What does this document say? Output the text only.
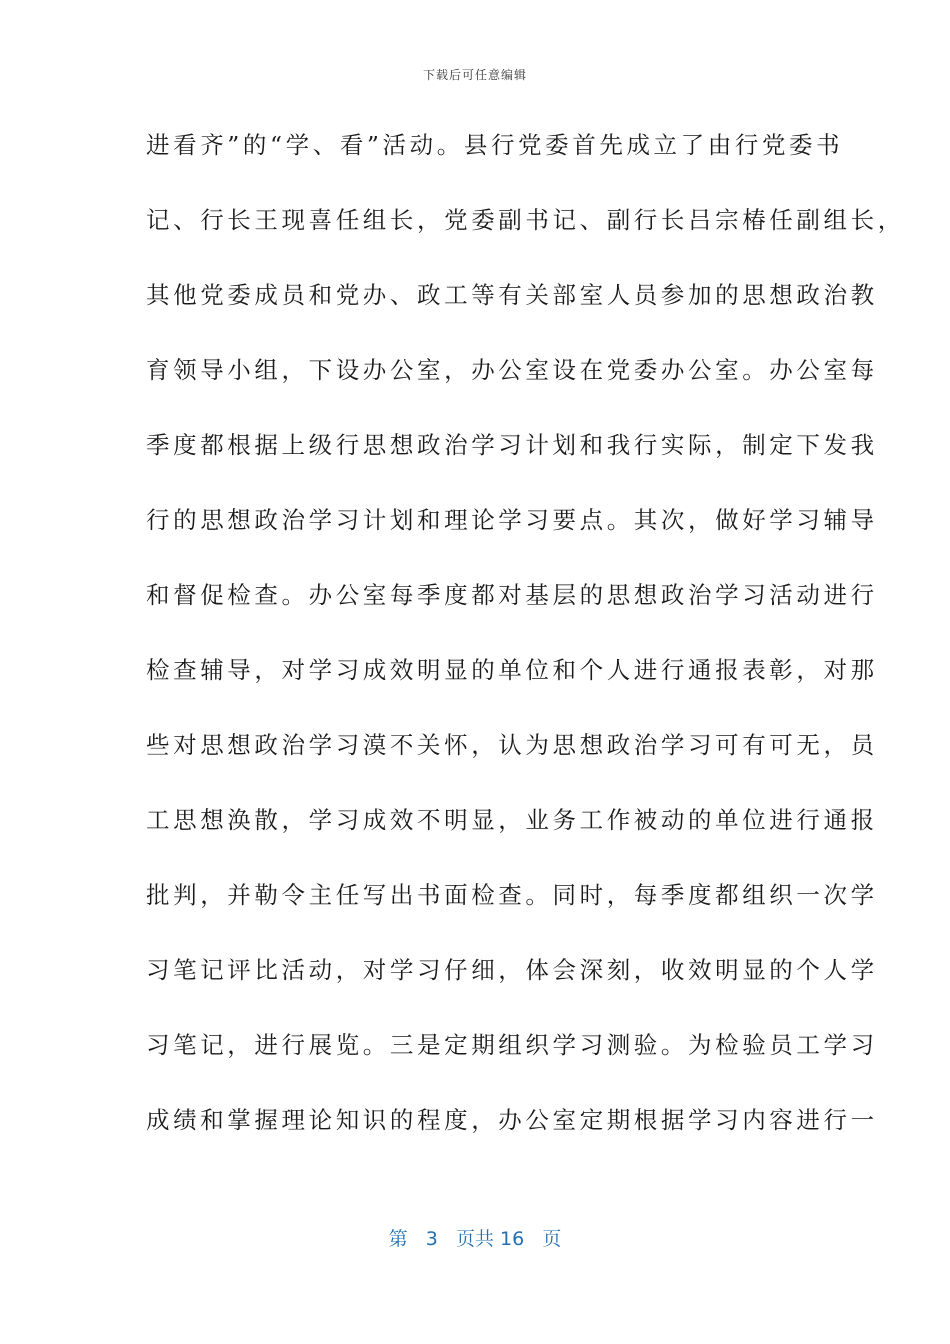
下载后可任意编辑
进看齐”的“学、看”活动。县行党委首先成立了由行党委书
记、行长王现喜任组长，党委副书记、副行长吕宗椿任副组长，
其他党委成员和党办、政工等有关部室人员参加的思想政治教
育领导小组，下设办公室，办公室设在党委办公室。办公室每
季度都根据上级行思想政治学习计划和我行实际，制定下发我
行的思想政治学习计划和理论学习要点。其次，做好学习辅导
和督促检查。办公室每季度都对基层的思想政治学习活动进行
检查辅导，对学习成效明显的单位和个人进行通报表彰，对那
些对思想政治学习漠不关怀，认为思想政治学习可有可无，员
工思想涣散，学习成效不明显，业务工作被动的单位进行通报
批判，并勒令主任写出书面检查。同时，每季度都组织一次学
习笔记评比活动，对学习仔细，体会深刻，收效明显的个人学
习笔记，进行展览。三是定期组织学习测验。为检验员工学习
成绩和掌握理论知识的程度，办公室定期根据学习内容进行一
第 3 页共 16 页
